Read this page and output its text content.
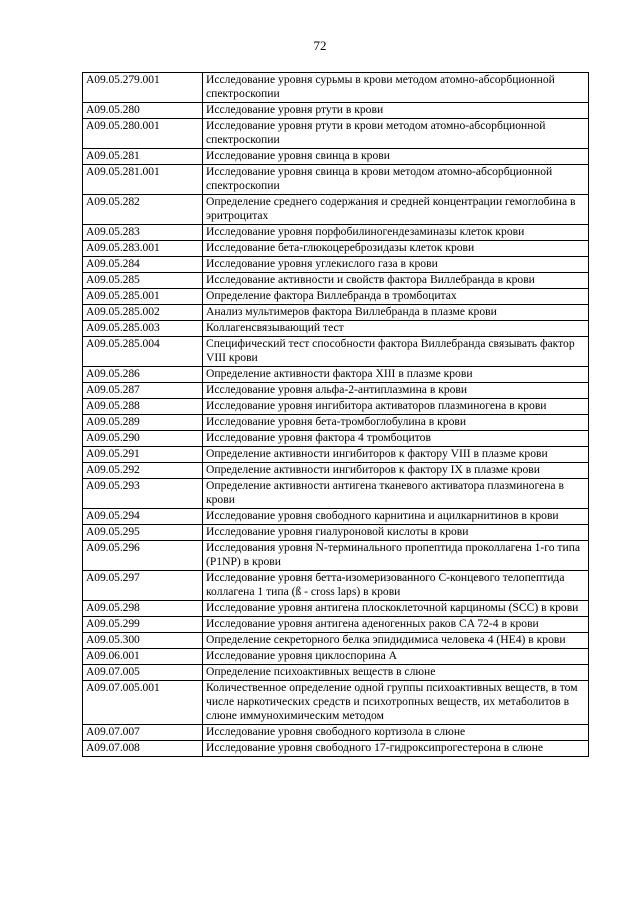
72
A09.05.279.001	Исследование уровня сурьмы в крови методом атомно-абсорбционной спектроскопии
A09.05.280	Исследование уровня ртути в крови
A09.05.280.001	Исследование уровня ртути в крови методом атомно-абсорбционной спектроскопии
A09.05.281	Исследование уровня свинца в крови
A09.05.281.001	Исследование уровня свинца в крови методом атомно-абсорбционной спектроскопии
A09.05.282	Определение среднего содержания и средней концентрации гемоглобина в эритроцитах
A09.05.283	Исследование уровня порфобилиногендезаминазы клеток крови
A09.05.283.001	Исследование бета-глюкоцереброзидазы клеток крови
A09.05.284	Исследование уровня углекислого газа в крови
A09.05.285	Исследование активности и свойств фактора Виллебранда в крови
A09.05.285.001	Определение фактора Виллебранда в тромбоцитах
A09.05.285.002	Анализ мультимеров фактора Виллебранда в плазме крови
A09.05.285.003	Коллагенсвязывающий тест
A09.05.285.004	Специфический тест способности фактора Виллебранда связывать фактор VIII крови
A09.05.286	Определение активности фактора XIII в плазме крови
A09.05.287	Исследование уровня альфа-2-антиплазмина в крови
A09.05.288	Исследование уровня ингибитора активаторов плазминогена в крови
A09.05.289	Исследование уровня бета-тромбоглобулина в крови
A09.05.290	Исследование уровня фактора 4 тромбоцитов
A09.05.291	Определение активности ингибиторов к фактору VIII в плазме крови
A09.05.292	Определение активности ингибиторов к фактору IX в плазме крови
A09.05.293	Определение активности антигена тканевого активатора плазминогена в крови
A09.05.294	Исследование уровня свободного карнитина и ацилкарнитинов в крови
A09.05.295	Исследование уровня гиалуроновой кислоты в крови
A09.05.296	Исследования уровня N-терминального пропептида проколлагена 1-го типа (P1NP) в крови
A09.05.297	Исследование уровня бетта-изомеризованного С-концевого телопептида коллагена 1 типа (ß - cross laps) в крови
A09.05.298	Исследование уровня антигена плоскоклеточной карциномы (SCC) в крови
A09.05.299	Исследование уровня антигена аденогенных раков CA 72-4 в крови
A09.05.300	Определение секреторного белка эпидидимиса человека 4 (HE4) в крови
A09.06.001	Исследование уровня циклоспорина А
A09.07.005	Определение психоактивных веществ в слюне
A09.07.005.001	Количественное определение одной группы психоактивных веществ, в том числе наркотических средств и психотропных веществ, их метаболитов в слюне иммунохимическим методом
A09.07.007	Исследование уровня свободного кортизола в слюне
A09.07.008	Исследование уровня свободного 17-гидроксипрогестерона в слюне
